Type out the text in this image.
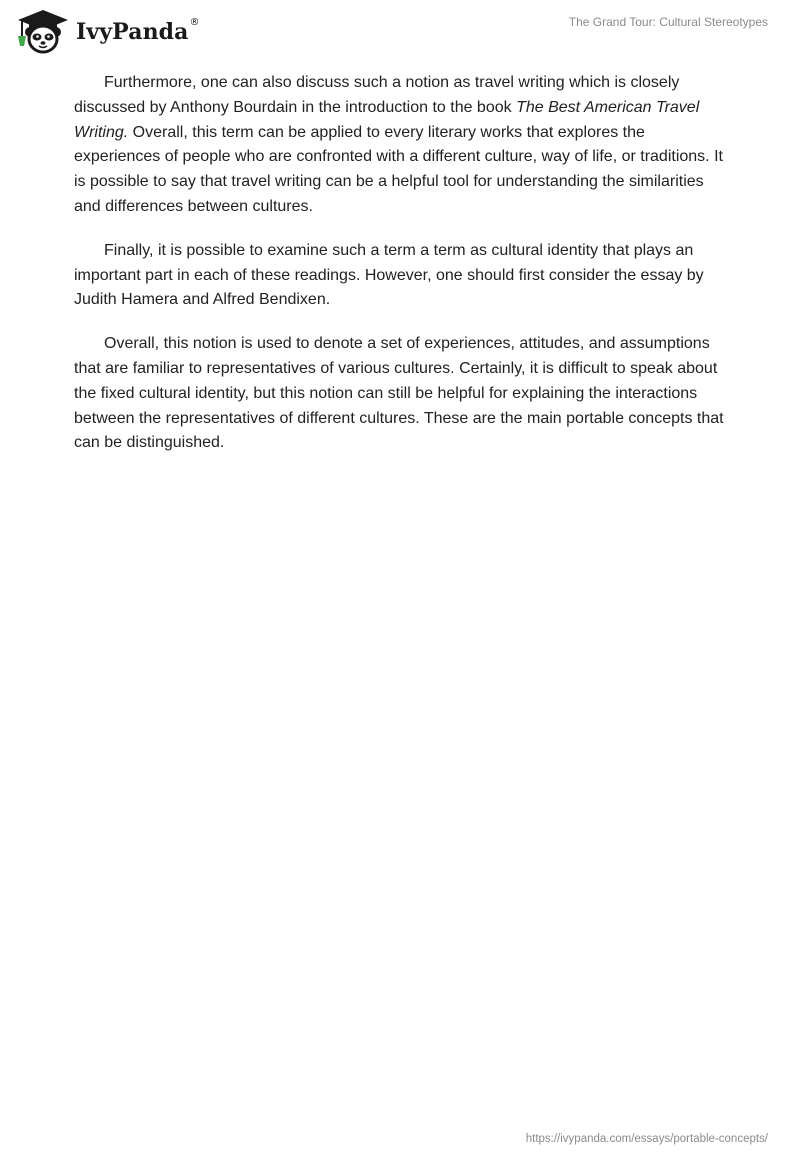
IvyPanda ®	The Grand Tour: Cultural Stereotypes

Furthermore, one can also discuss such a notion as travel writing which is closely discussed by Anthony Bourdain in the introduction to the book The Best American Travel Writing. Overall, this term can be applied to every literary works that explores the experiences of people who are confronted with a different culture, way of life, or traditions. It is possible to say that travel writing can be a helpful tool for understanding the similarities and differences between cultures.

Finally, it is possible to examine such a term a term as cultural identity that plays an important part in each of these readings. However, one should first consider the essay by Judith Hamera and Alfred Bendixen.

Overall, this notion is used to denote a set of experiences, attitudes, and assumptions that are familiar to representatives of various cultures. Certainly, it is difficult to speak about the fixed cultural identity, but this notion can still be helpful for explaining the interactions between the representatives of different cultures. These are the main portable concepts that can be distinguished.

https://ivypanda.com/essays/portable-concepts/
